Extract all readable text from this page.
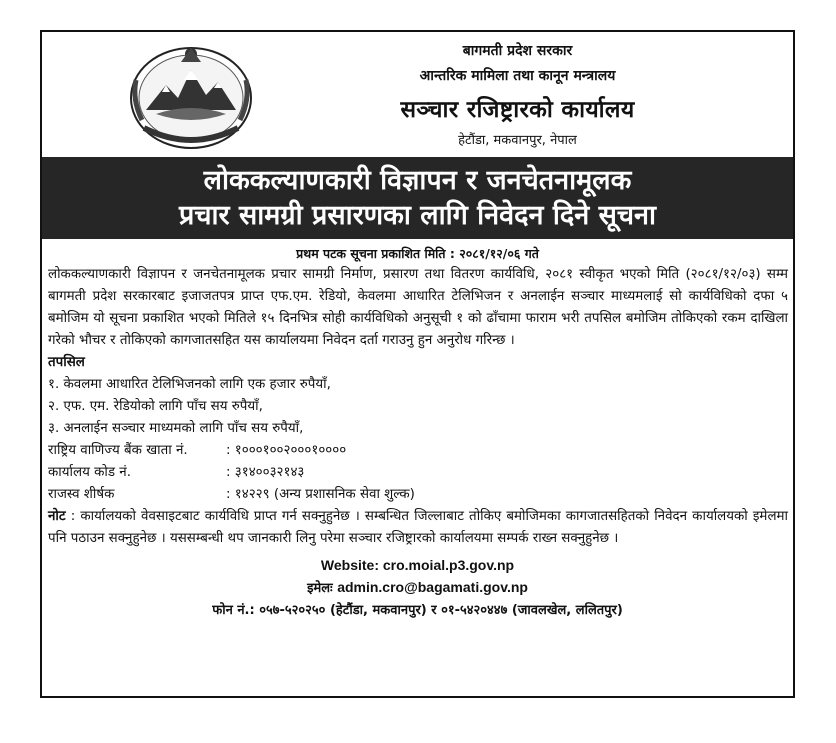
बागमती प्रदेश सरकार
आन्तरिक मामिला तथा कानून मन्त्रालय
सञ्चार रजिष्ट्रारको कार्यालय
हेटौंडा, मकवानपुर, नेपाल
लोककल्याणकारी विज्ञापन र जनचेतनामूलक
प्रचार सामग्री प्रसारणका लागि निवेदन दिने सूचना
प्रथम पटक सूचना प्रकाशित मिति : २०८१/१२/०६ गते
लोककल्याणकारी विज्ञापन र जनचेतनामूलक प्रचार सामग्री निर्माण, प्रसारण तथा वितरण कार्यविधि, २०८१ स्वीकृत भएको मिति (२०८१/१२/०३) सम्म बागमती प्रदेश सरकारबाट इजाजतपत्र प्राप्त एफ.एम. रेडियो, केवलमा आधारित टेलिभिजन र अनलाईन सञ्चार माध्यमलाई सो कार्यविधिको दफा ५ बमोजिम यो सूचना प्रकाशित भएको मितिले १५ दिनभित्र सोही कार्यविधिको अनुसूची १ को ढाँचामा फाराम भरी तपसिल बमोजिम तोकिएको रकम दाखिला गरेको भौचर र तोकिएको कागजातसहित यस कार्यालयमा निवेदन दर्ता गराउनु हुन अनुरोध गरिन्छ ।
तपसिल
१. केवलमा आधारित टेलिभिजनको लागि एक हजार रुपैयाँ,
२. एफ. एम. रेडियोको लागि पाँच सय रुपैयाँ,
३. अनलाईन सञ्चार माध्यमको लागि पाँच सय रुपैयाँ,
राष्ट्रिय वाणिज्य बैंक खाता नं.	: १०००१००२०००१००००
कार्यालय कोड नं.	: ३१४००३२१४३
राजस्व शीर्षक	: १४२२९ (अन्य प्रशासनिक सेवा शुल्क)
नोट : कार्यालयको वेवसाइटबाट कार्यविधि प्राप्त गर्न सक्नुहुनेछ । सम्बन्धित जिल्लाबाट तोकिए बमोजिमका कागजातसहितको निवेदन कार्यालयको इमेलमा पनि पठाउन सक्नुहुनेछ । यससम्बन्धी थप जानकारी लिनु परेमा सञ्चार रजिष्ट्रारको कार्यालयमा सम्पर्क राख्न सक्नुहुनेछ ।
Website: cro.moial.p3.gov.np
इमेलः admin.cro@bagamati.gov.np
फोन नं.: ०५७-५२०२५० (हेटौंडा, मकवानपुर) र ०१-५४२०४४७ (जावलखेल, ललितपुर)
